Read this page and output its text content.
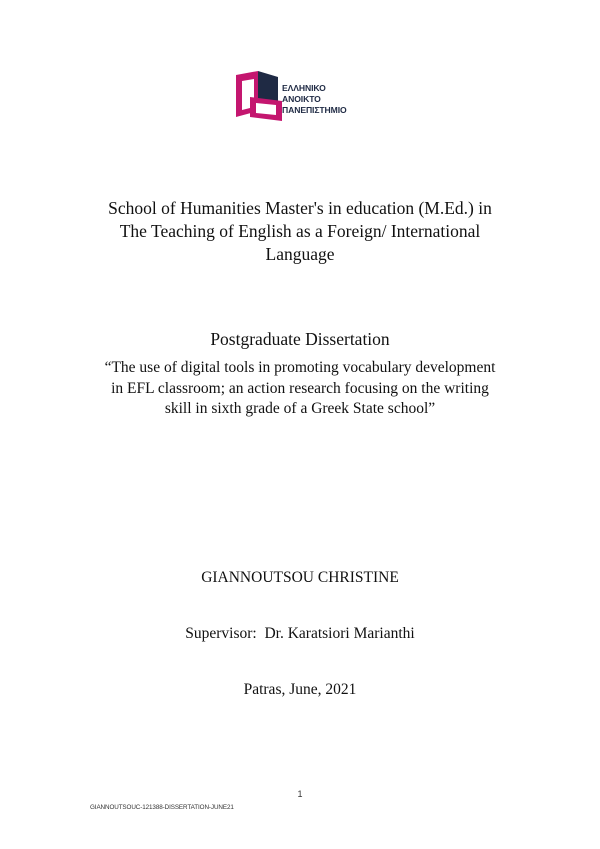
ΕΛΛΗΝΙΚΟ
ΑΝΟΙΚΤΟ
ΠΑΝΕΠΙΣΤΗΜΙΟ
School of Humanities Master's in education (M.Ed.) in
The Teaching of English as a Foreign/ International
Language
Postgraduate Dissertation
“The use of digital tools in promoting vocabulary development
in EFL classroom; an action research focusing on the writing
skill in sixth grade of a Greek State school”
GIANNOUTSOU CHRISTINE
Supervisor:  Dr. Karatsiori Marianthi
Patras, June, 2021
1
GIANNOUTSOUC-121388-DISSERTATION-JUNE21
